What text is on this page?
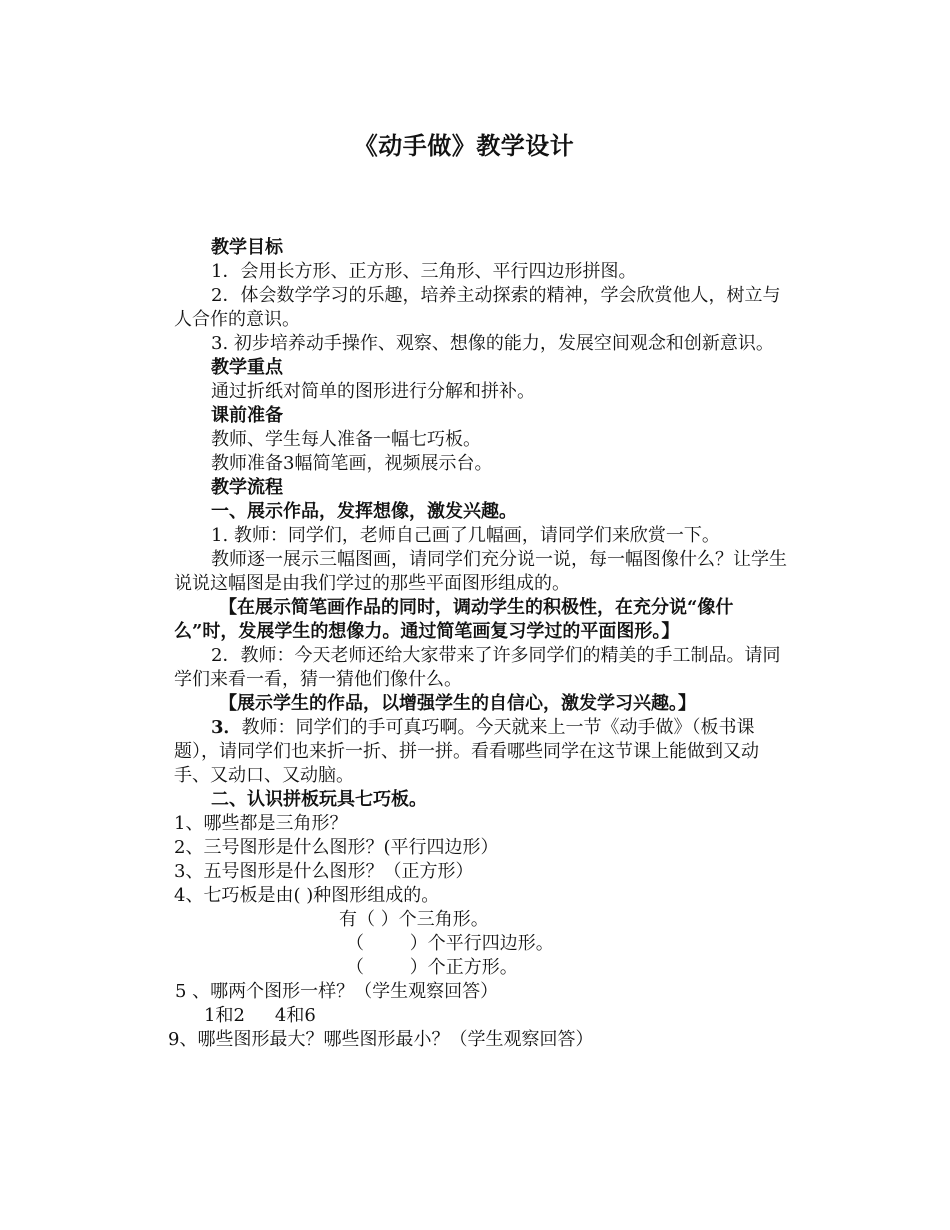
《动手做》教学设计

教学目标

1．会用长方形、正方形、三角形、平行四边形拼图。

2．体会数学学习的乐趣，培养主动探索的精神，学会欣赏他人，树立与人合作的意识。

3. 初步培养动手操作、观察、想像的能力，发展空间观念和创新意识。

教学重点

通过折纸对简单的图形进行分解和拼补。

课前准备

教师、学生每人准备一幅七巧板。

教师准备3幅简笔画，视频展示台。

教学流程

一、展示作品，发挥想像，激发兴趣。

1. 教师：同学们，老师自己画了几幅画，请同学们来欣赏一下。

教师逐一展示三幅图画，请同学们充分说一说，每一幅图像什么？让学生说说这幅图是由我们学过的那些平面图形组成的。

【在展示简笔画作品的同时，调动学生的积极性，在充分说“像什么”时，发展学生的想像力。通过简笔画复习学过的平面图形。】

2．教师：今天老师还给大家带来了许多同学们的精美的手工制品。请同学们来看一看，猜一猜他们像什么。

【展示学生的作品，以增强学生的自信心，激发学习兴趣。】

3．教师：同学们的手可真巧啊。今天就来上一节《动手做》（板书课题），请同学们也来折一折、拼一拼。看看哪些同学在这节课上能做到又动手、又动口、又动脑。

二、认识拼板玩具七巧板。

1、哪些都是三角形？

2、三号图形是什么图形？(平行四边形）

3、五号图形是什么图形？（正方形）

4、七巧板是由( )种图形组成的。

有（ ）个三角形。

（        ）个平行四边形。

（        ）个正方形。

5 、哪两个图形一样？（学生观察回答）

1和2 4和6

9、哪些图形最大？哪些图形最小？（学生观察回答）
